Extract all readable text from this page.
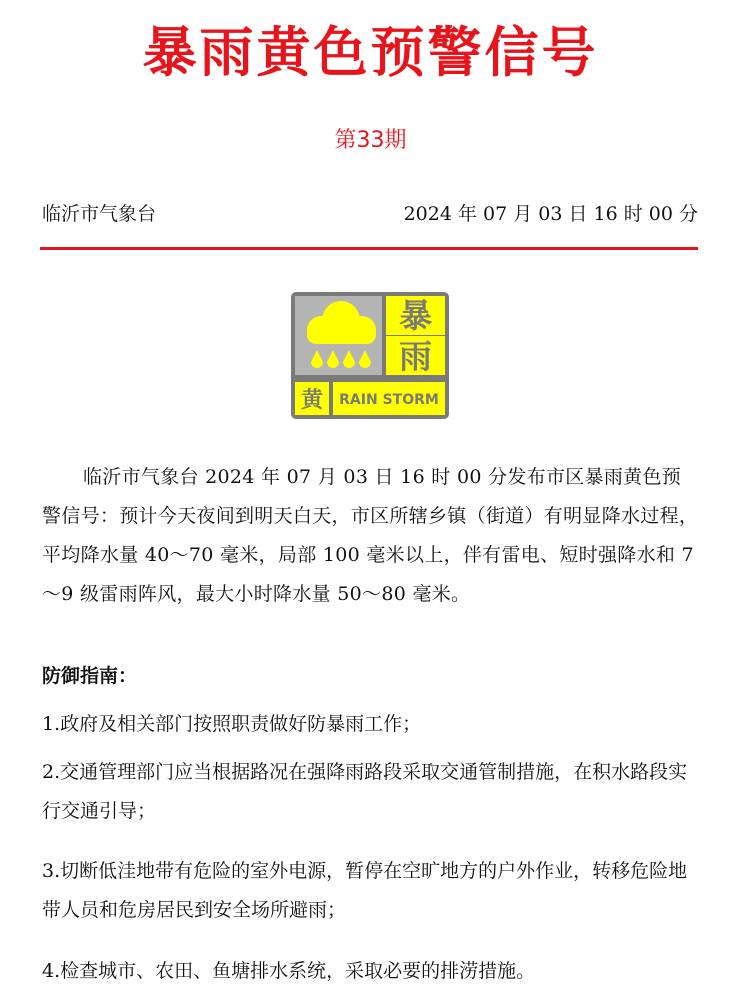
暴雨黄色预警信号
第33期
临沂市气象台	2024 年 07 月 03 日 16 时 00 分
暴
雨
黄 RAIN STORM

临沂市气象台 2024 年 07 月 03 日 16 时 00 分发布市区暴雨黄色预警信号：预计今天夜间到明天白天，市区所辖乡镇（街道）有明显降水过程，平均降水量 40～70 毫米，局部 100 毫米以上，伴有雷电、短时强降水和 7～9 级雷雨阵风，最大小时降水量 50～80 毫米。

防御指南：

1.政府及相关部门按照职责做好防暴雨工作；

2.交通管理部门应当根据路况在强降雨路段采取交通管制措施，在积水路段实行交通引导；

3.切断低洼地带有危险的室外电源，暂停在空旷地方的户外作业，转移危险地带人员和危房居民到安全场所避雨；

4.检查城市、农田、鱼塘排水系统，采取必要的排涝措施。
